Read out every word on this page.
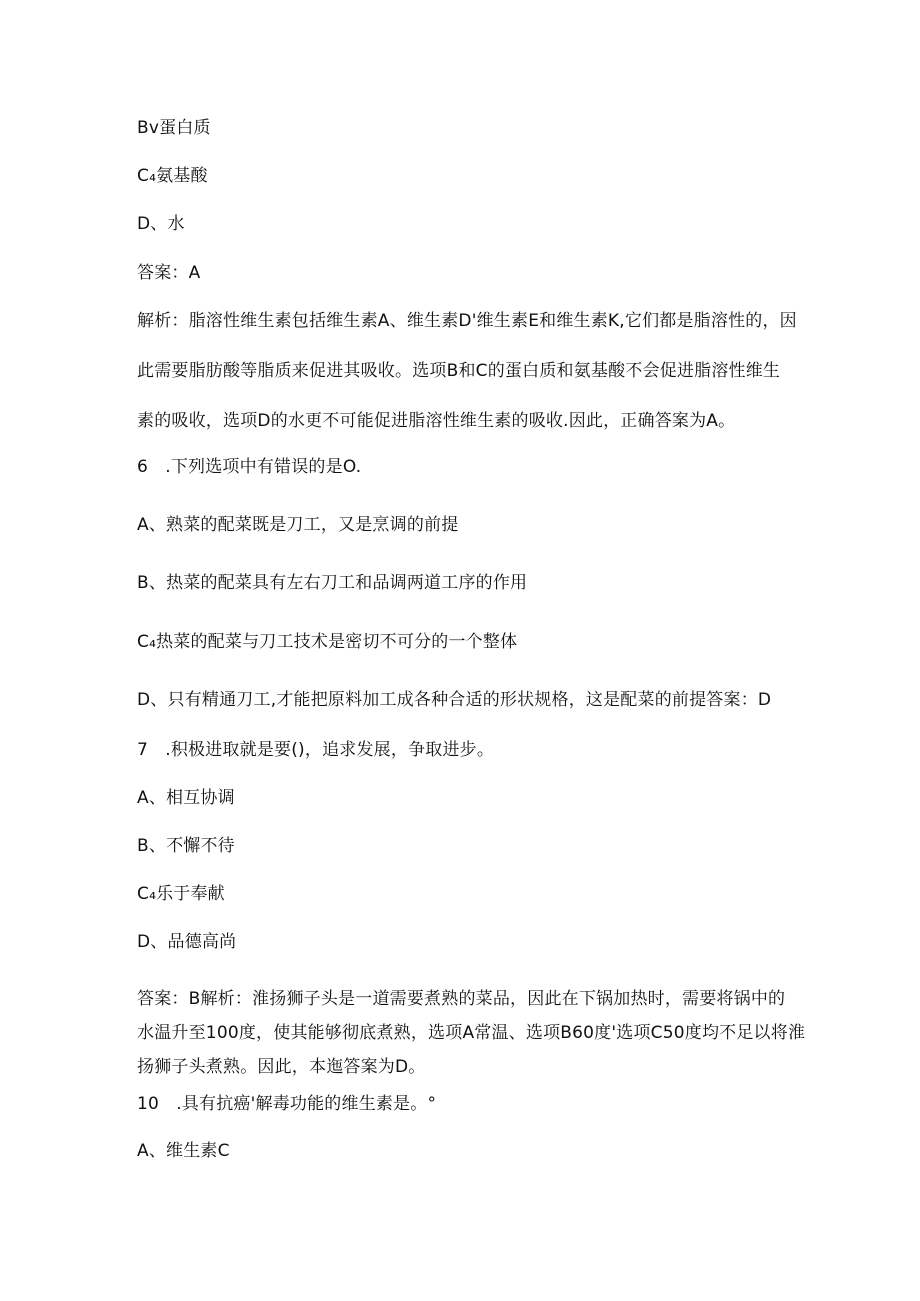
Bv蛋白质
C₄氨基酸
D、水
答案：A
解析：脂溶性维生素包括维生素A、维生素D'维生素E和维生素K,它们都是脂溶性的，因
此需要脂肪酸等脂质来促进其吸收。选项B和C的蛋白质和氨基酸不会促进脂溶性维生
素的吸收，选项D的水更不可能促进脂溶性维生素的吸收.因此，正确答案为A。
6　.下列选项中有错误的是O.
A、熟菜的配菜既是刀工，又是烹调的前提
B、热菜的配菜具有左右刀工和品调两道工序的作用
C₄热菜的配菜与刀工技术是密切不可分的一个整体
D、只有精通刀工,才能把原料加工成各种合适的形状规格，这是配菜的前提答案：D
7　.积极进取就是要()，追求发展，争取进步。
A、相互协调
B、不懈不待
C₄乐于奉献
D、品德高尚
答案：B解析：淮扬狮子头是一道需要煮熟的菜品，因此在下锅加热时，需要将锅中的
水温升至100度，使其能够彻底煮熟，选项A常温、选项B60度'选项C50度均不足以将淮
扬狮子头煮熟。因此，本迤答案为D。
10　.具有抗癌'解毒功能的维生素是。°
A、维生素C
